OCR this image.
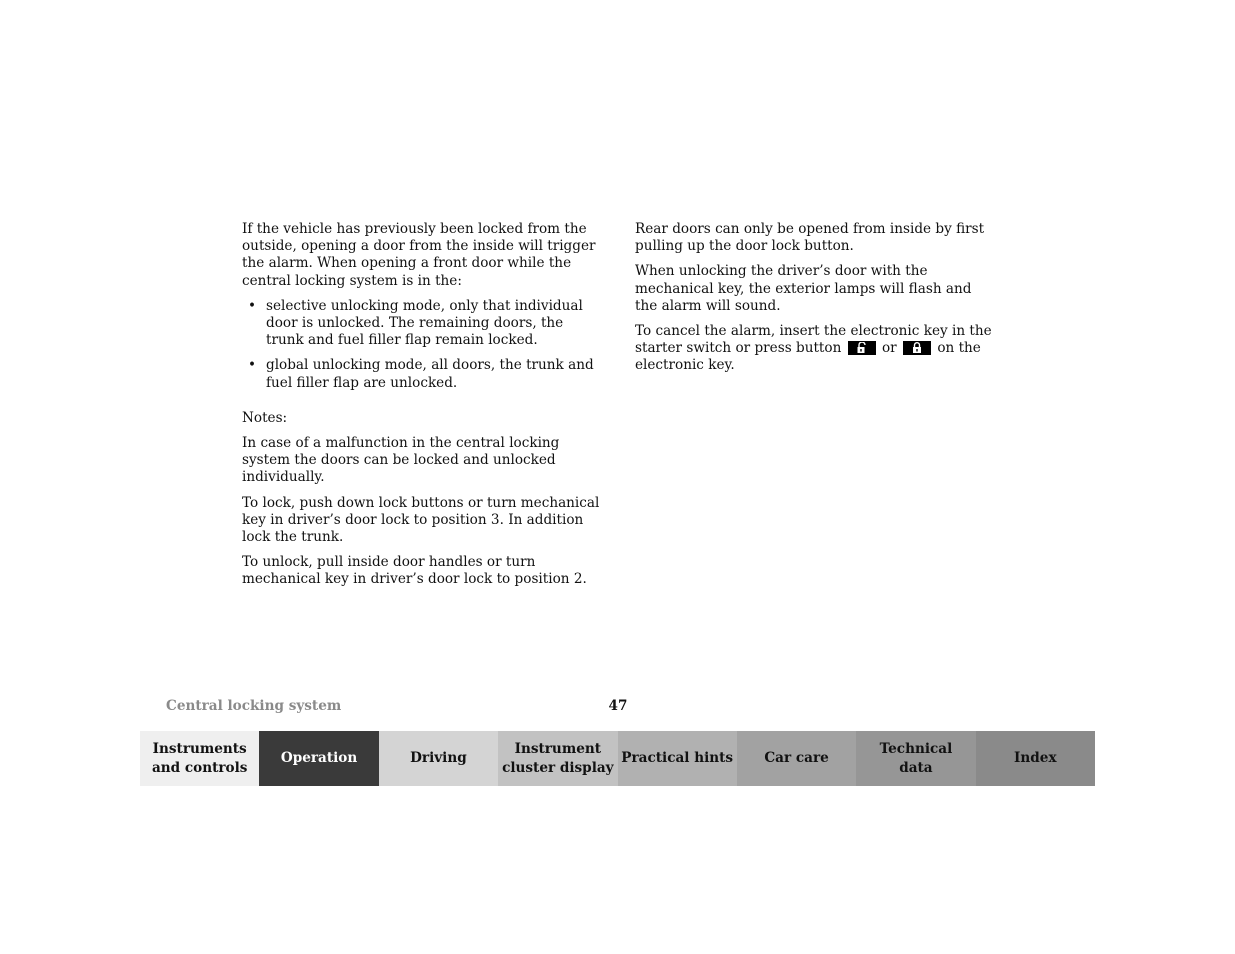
If the vehicle has previously been locked from the outside, opening a door from the inside will trigger the alarm. When opening a front door while the central locking system is in the:

• selective unlocking mode, only that individual door is unlocked. The remaining doors, the trunk and fuel filler flap remain locked.
• global unlocking mode, all doors, the trunk and fuel filler flap are unlocked.

Notes:

In case of a malfunction in the central locking system the doors can be locked and unlocked individually.

To lock, push down lock buttons or turn mechanical key in driver’s door lock to position 3. In addition lock the trunk.

To unlock, pull inside door handles or turn mechanical key in driver’s door lock to position 2.

Rear doors can only be opened from inside by first pulling up the door lock button.

When unlocking the driver’s door with the mechanical key, the exterior lamps will flash and the alarm will sound.

To cancel the alarm, insert the electronic key in the starter switch or press button	or	on the electronic key.

Central locking system	47
Instruments
and controls
Operation	Driving
Instrument
cluster display
Practical hints	Car care
Technical
data
Index
